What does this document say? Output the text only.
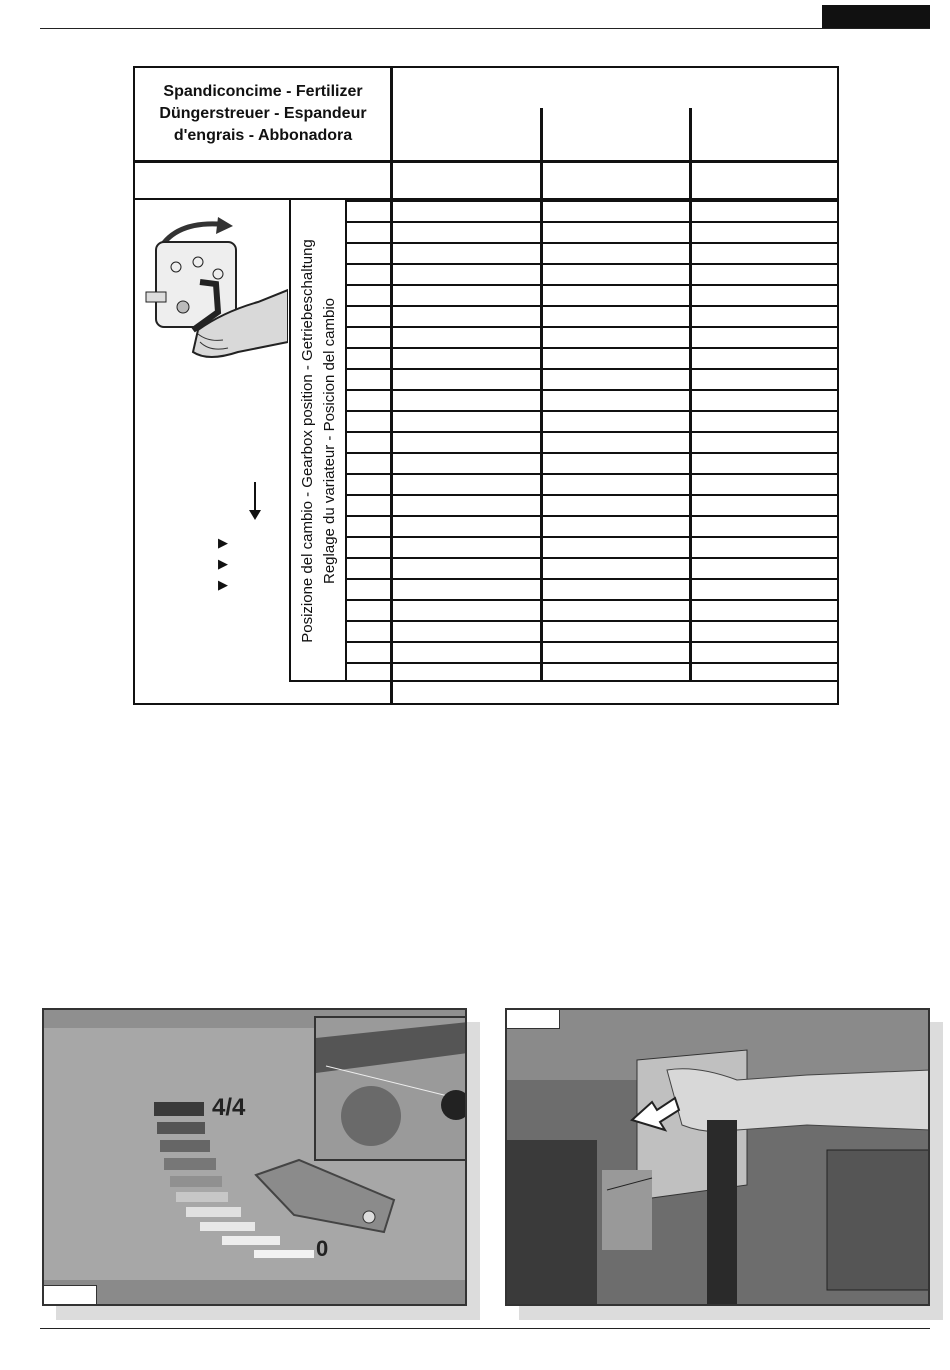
Spandiconcime - Fertilizer
Düngerstreuer - Espandeur
d'engrais - Abbonadora
Posizione del cambio - Gearbox position - Getriebeschaltung Reglage du variateur - Posicion del cambio
▶
▶
▶
4/4
0
